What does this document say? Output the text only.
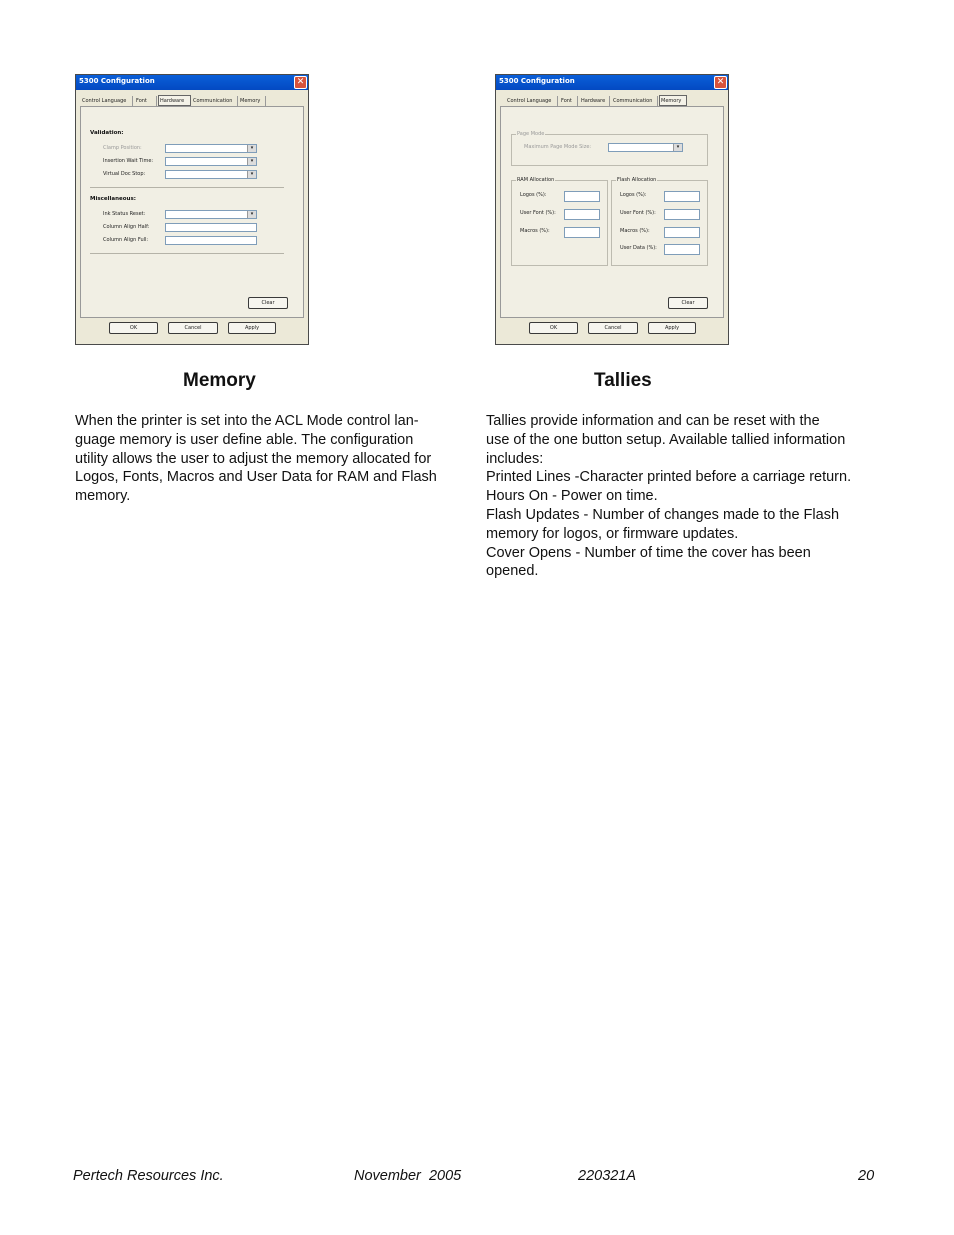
5300 Configuration	✕
Control Language	Font	Hardware	Communication	Memory
Validation:
Clamp Position:	▾
Insertion Wait Time:	▾
Virtual Doc Stop:	▾
Miscellaneous:
Ink Status Reset:	▾
Column Align Half:
Column Align Full:
Clear
OK	Cancel	Apply
5300 Configuration	✕
Control Language	Font	Hardware	Communication	Memory
Page Mode
Maximum Page Mode Size:	▾
RAM Allocation
Logos (%):
User Font (%):
Macros (%):
Flash Allocation
Logos (%):
User Font (%):
Macros (%):
User Data (%):
Clear
OK	Cancel	Apply
Memory	Tallies
When the printer is set into the ACL Mode control lan-
guage memory is user define able. The configuration
utility allows the user to adjust the memory allocated for
Logos, Fonts, Macros and User Data for RAM and Flash
memory.
Tallies provide information and can be reset with the
use of the one button setup. Available tallied information
includes:
Printed Lines -Character printed before a carriage return.
Hours On - Power on time.
Flash Updates - Number of changes made to the Flash
memory for logos, or firmware updates.
Cover Opens - Number of time the cover has been
opened.
Pertech Resources Inc.	November  2005	220321A	20
